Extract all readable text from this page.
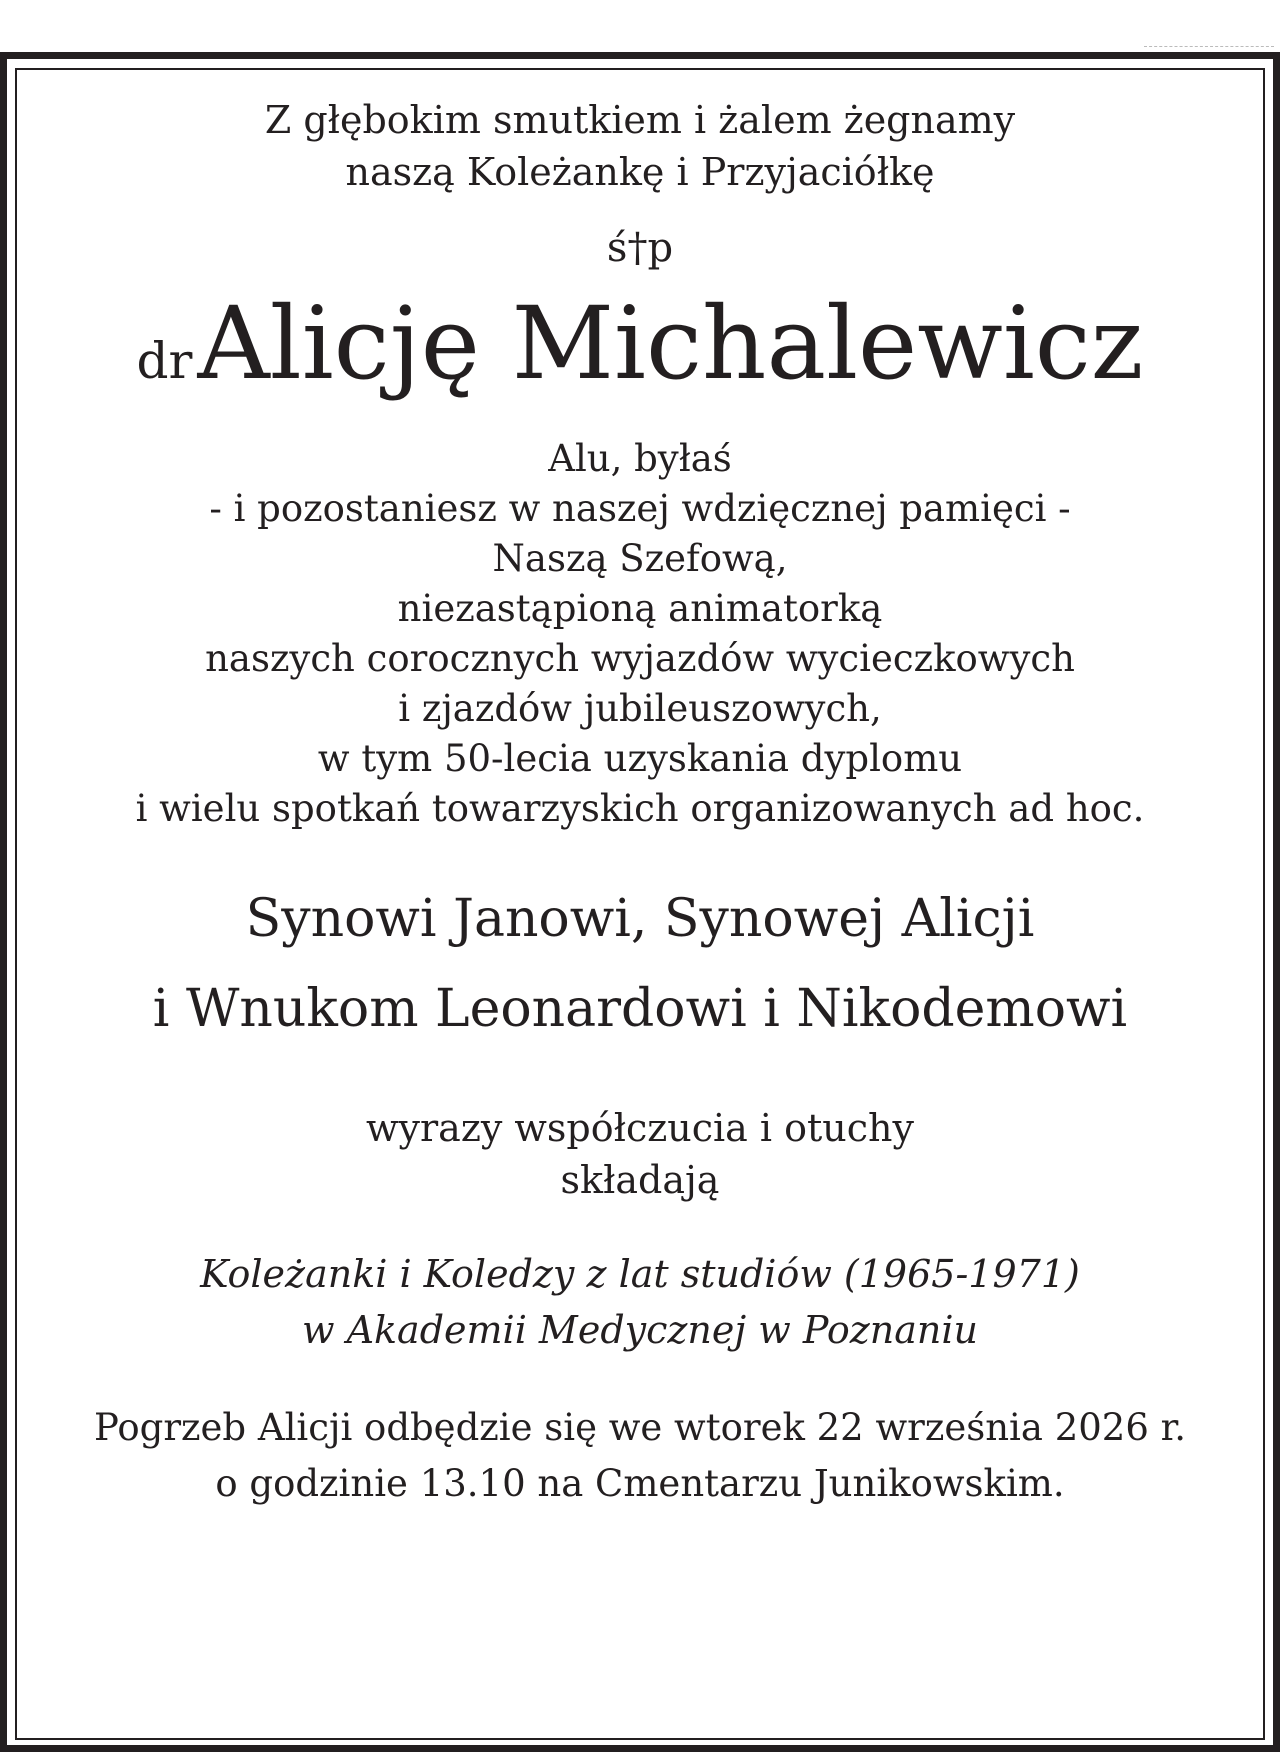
Z głębokim smutkiem i żalem żegnamy
naszą Koleżankę i Przyjaciółkę
ś†p
dr Alicję Michalewicz
Alu, byłaś
- i pozostaniesz w naszej wdzięcznej pamięci -
Naszą Szefową,
niezastąpioną animatorką
naszych corocznych wyjazdów wycieczkowych
i zjazdów jubileuszowych,
w tym 50-lecia uzyskania dyplomu
i wielu spotkań towarzyskich organizowanych ad hoc.
Synowi Janowi, Synowej Alicji
i Wnukom Leonardowi i Nikodemowi
wyrazy współczucia i otuchy
składają
Koleżanki i Koledzy z lat studiów (1965-1971)
w Akademii Medycznej w Poznaniu
Pogrzeb Alicji odbędzie się we wtorek 22 września 2026 r.
o godzinie 13.10 na Cmentarzu Junikowskim.
